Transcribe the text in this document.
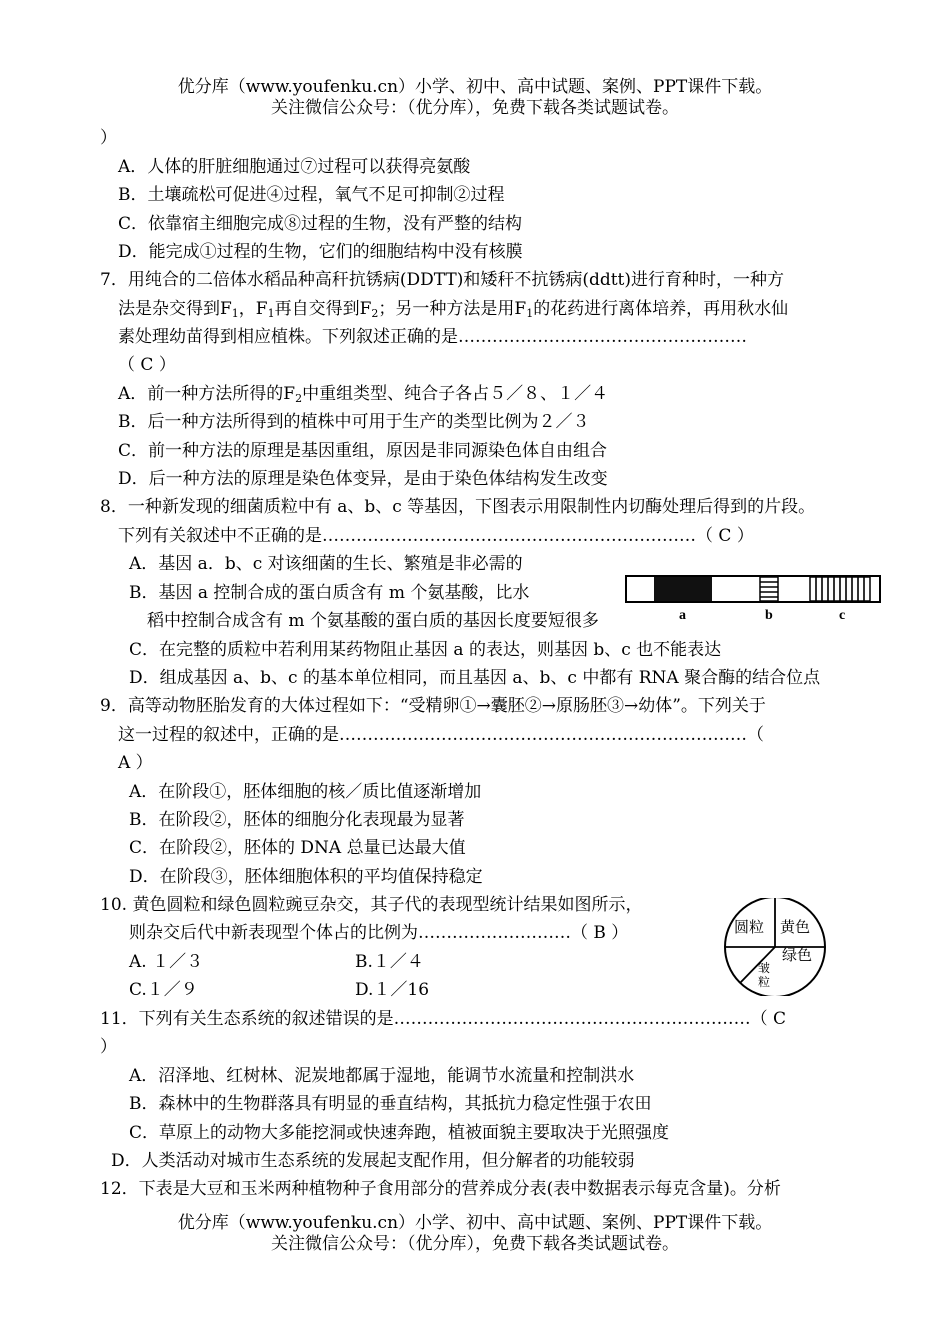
优分库（www.youfenku.cn）小学、初中、高中试题、案例、PPT课件下载。
关注微信公众号：（优分库），免费下载各类试题试卷。
）
A．人体的肝脏细胞通过⑦过程可以获得亮氨酸
B．土壤疏松可促进④过程，氧气不足可抑制②过程
C．依靠宿主细胞完成⑧过程的生物，没有严整的结构
D．能完成①过程的生物，它们的细胞结构中没有核膜
7．用纯合的二倍体水稻品种高秆抗锈病(DDTT)和矮秆不抗锈病(ddtt)进行育种时，一种方
法是杂交得到$F_1$，$F_1$再自交得到$F_2$；另一种方法是用$F_1$的花药进行离体培养，再用秋水仙
素处理幼苗得到相应植株。下列叙述正确的是……………………………………………
（ C ）
A．前一种方法所得的$F_2$中重组类型、纯合子各占５／８、１／４
B．后一种方法所得到的植株中可用于生产的类型比例为２／３
C．前一种方法的原理是基因重组，原因是非同源染色体自由组合
D．后一种方法的原理是染色体变异，是由于染色体结构发生改变
8．一种新发现的细菌质粒中有 a、b、c 等基因，下图表示用限制性内切酶处理后得到的片段。
下列有关叙述中不正确的是…………………………………………………………（ C ）
A．基因 a．b、c 对该细菌的生长、繁殖是非必需的
B．基因 a 控制合成的蛋白质含有 m 个氨基酸，比水
稻中控制合成含有 m 个氨基酸的蛋白质的基因长度要短很多
C．在完整的质粒中若利用某药物阻止基因 a 的表达，则基因 b、c 也不能表达
D．组成基因 a、b、c 的基本单位相同，而且基因 a、b、c 中都有 RNA 聚合酶的结合位点
a	b	c
9．高等动物胚胎发育的大体过程如下：“受精卵①→囊胚②→原肠胚③→幼体”。下列关于
这一过程的叙述中，正确的是………………………………………………………………（
A ）
A．在阶段①，胚体细胞的核／质比值逐渐增加
B．在阶段②，胚体的细胞分化表现最为显著
C．在阶段②，胚体的 DNA 总量已达最大值
D．在阶段③，胚体细胞体积的平均值保持稳定
10. 黄色圆粒和绿色圆粒豌豆杂交，其子代的表现型统计结果如图所示，
则杂交后代中新表现型个体占的比例为………………………（ B ）
A. １／３	B.１／４
C.１／９	D.１／16
圆粒 黄色
绿色
皱
粒
11．下列有关生态系统的叙述错误的是………………………………………………………（ C
）
A．沼泽地、红树林、泥炭地都属于湿地，能调节水流量和控制洪水
B．森林中的生物群落具有明显的垂直结构，其抵抗力稳定性强于农田
C．草原上的动物大多能挖洞或快速奔跑，植被面貌主要取决于光照强度
D．人类活动对城市生态系统的发展起支配作用，但分解者的功能较弱
12．下表是大豆和玉米两种植物种子食用部分的营养成分表(表中数据表示每克含量)。分析
优分库（www.youfenku.cn）小学、初中、高中试题、案例、PPT课件下载。
关注微信公众号：（优分库），免费下载各类试题试卷。
